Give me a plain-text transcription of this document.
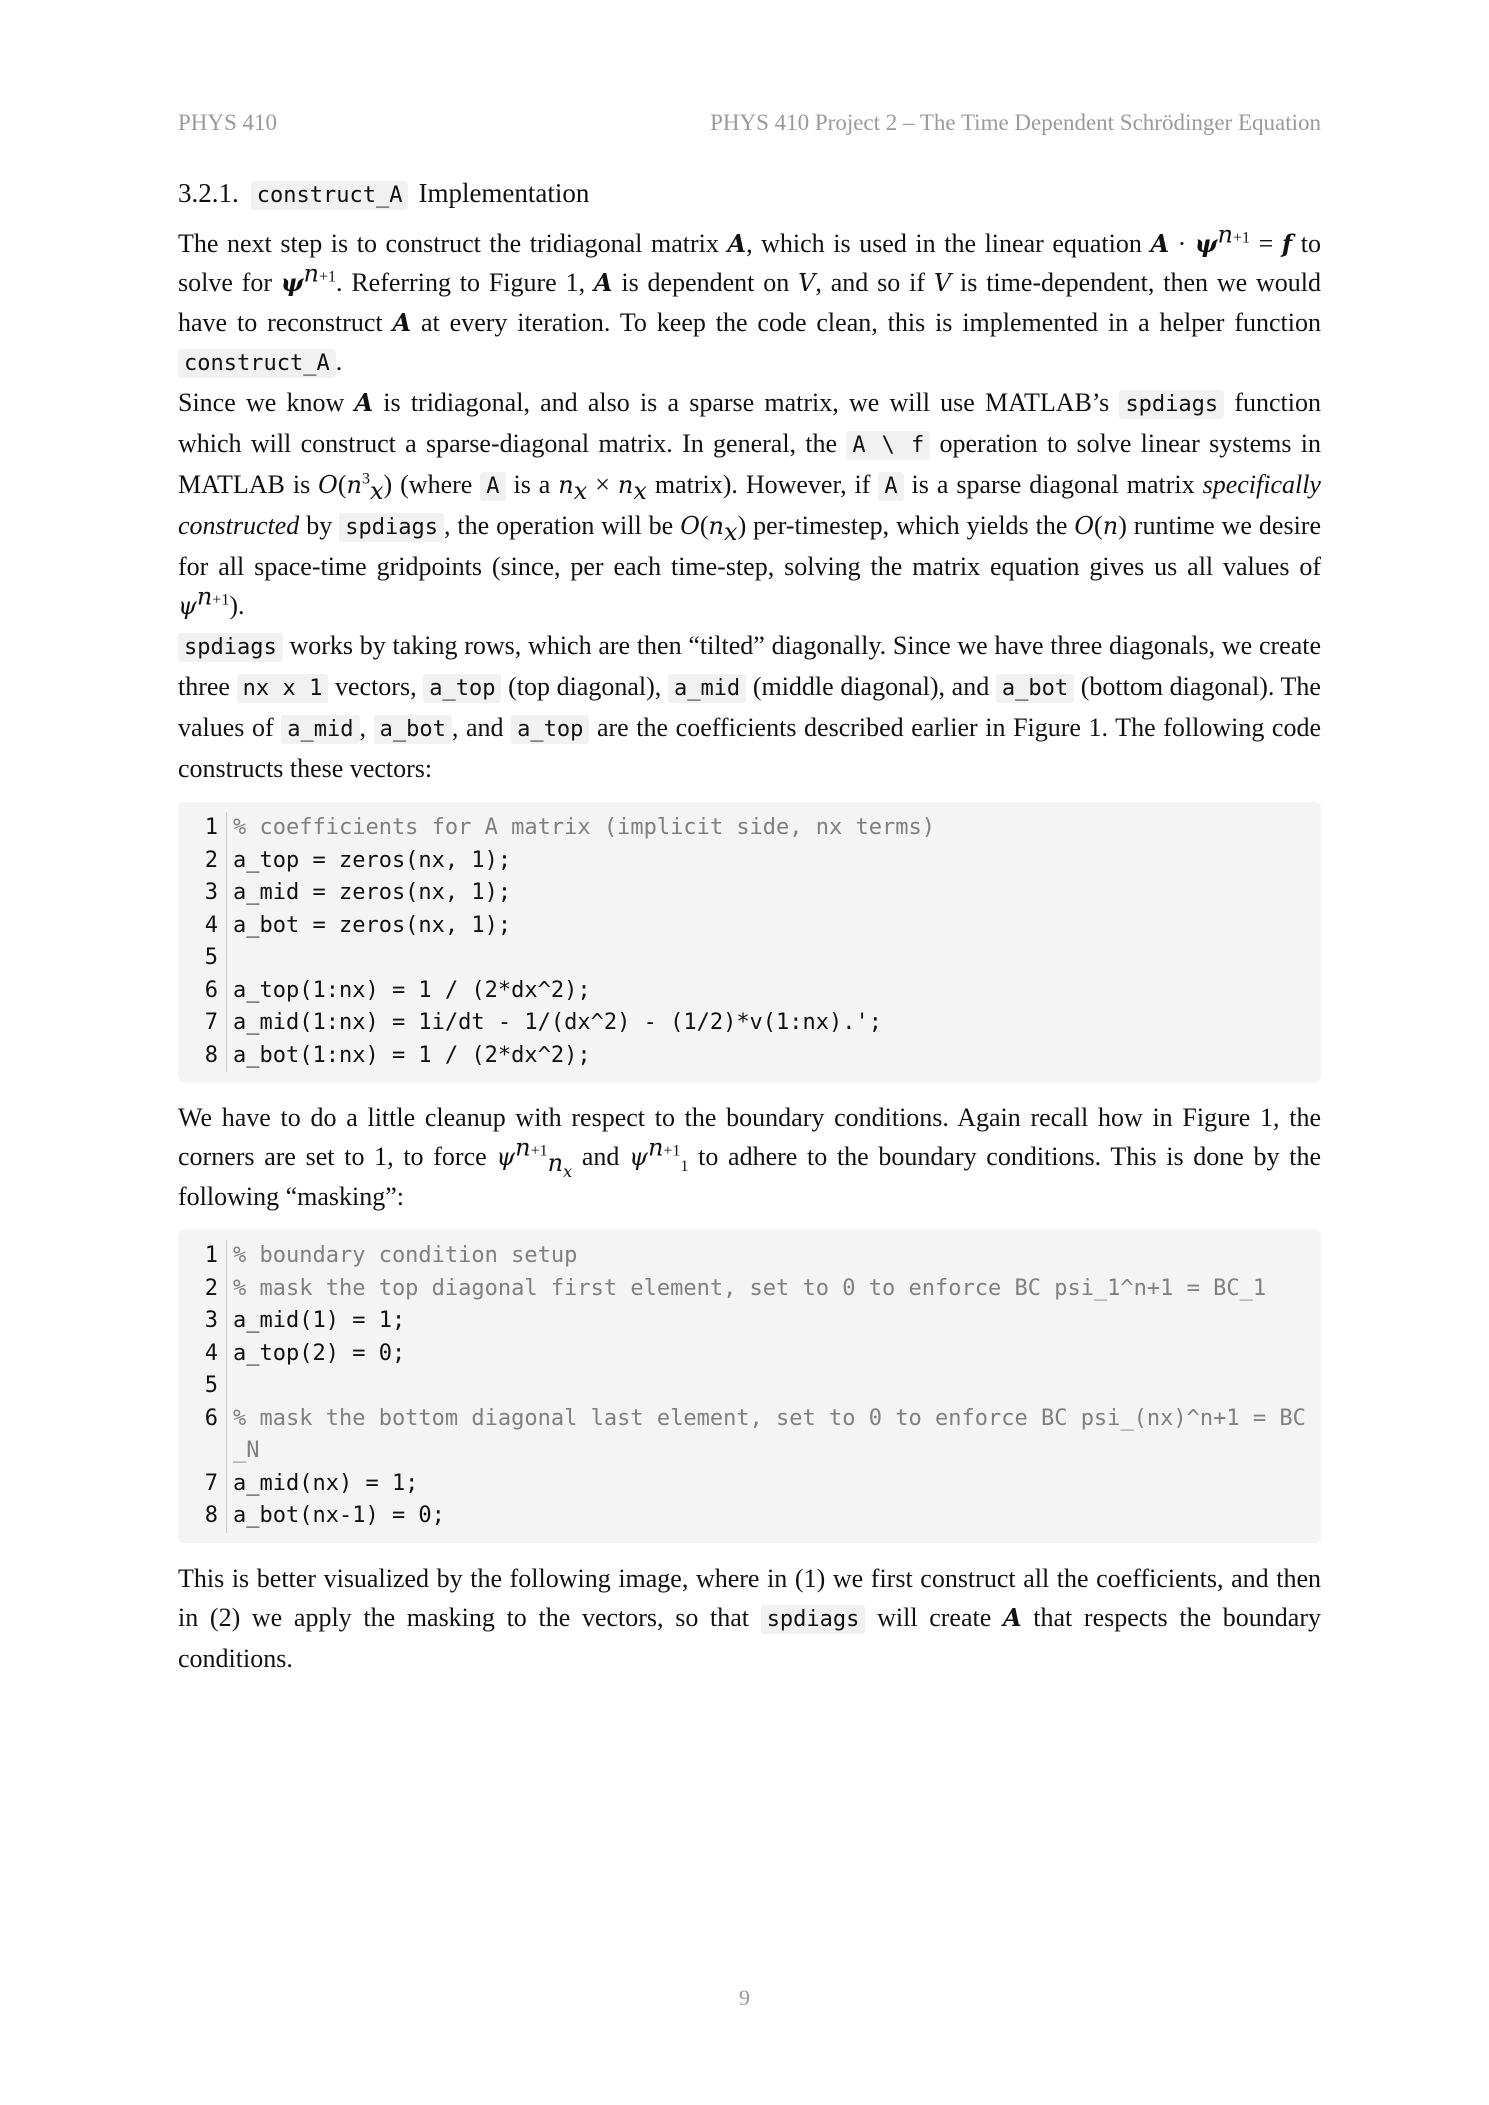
PHYS 410	PHYS 410 Project 2 – The Time Dependent Schrödinger Equation
3.2.1. construct_A Implementation

The next step is to construct the tridiagonal matrix A, which is used in the linear equation $A \cdot \psi^{n+1} = f$ to solve for $\psi^{n+1}$. Referring to Figure 1, A is dependent on V, and so if V is time-dependent, then we would have to reconstruct A at every iteration. To keep the code clean, this is implemented in a helper function construct_A .

Since we know A is tridiagonal, and also is a sparse matrix, we will use MATLAB’s spdiags function which will construct a sparse-diagonal matrix. In general, the A \ f operation to solve linear systems in MATLAB is $O(n^3_x)$ (where A is a $n_x \times n_x$ matrix). However, if A is a sparse diagonal matrix specifically constructed by spdiags , the operation will be $O(n_x)$ per-timestep, which yields the O(n) runtime we desire for all space-time gridpoints (since, per each time-step, solving the matrix equation gives us all values of $\psi^{n+1}$).

spdiags works by taking rows, which are then “tilted” diagonally. Since we have three diagonals, we create three nx x 1 vectors, a_top (top diagonal), a_mid (middle diagonal), and a_bot (bottom diagonal). The values of a_mid , a_bot , and a_top are the coefficients described earlier in Figure 1. The following code constructs these vectors:

1 % coefficients for A matrix (implicit side, nx terms)
2 a_top = zeros(nx, 1);
3 a_mid = zeros(nx, 1);
4 a_bot = zeros(nx, 1);
5
6 a_top(1:nx) = 1 / (2*dx^2);
7 a_mid(1:nx) = 1i/dt - 1/(dx^2) - (1/2)*v(1:nx).';
8 a_bot(1:nx) = 1 / (2*dx^2);

We have to do a little cleanup with respect to the boundary conditions. Again recall how in Figure 1, the corners are set to 1, to force $\psi^{n+1}_{n_x}$ and $\psi^{n+1}_1$ to adhere to the boundary conditions. This is done by the following “masking”:

1 % boundary condition setup
2 % mask the top diagonal first element, set to 0 to enforce BC psi_1^n+1 = BC_1
3 a_mid(1) = 1;
4 a_top(2) = 0;
5
6 % mask the bottom diagonal last element, set to 0 to enforce BC psi_(nx)^n+1 = BC_N
7 a_mid(nx) = 1;
8 a_bot(nx-1) = 0;

This is better visualized by the following image, where in (1) we first construct all the coefficients, and then in (2) we apply the masking to the vectors, so that spdiags will create A that respects the boundary conditions.

9
